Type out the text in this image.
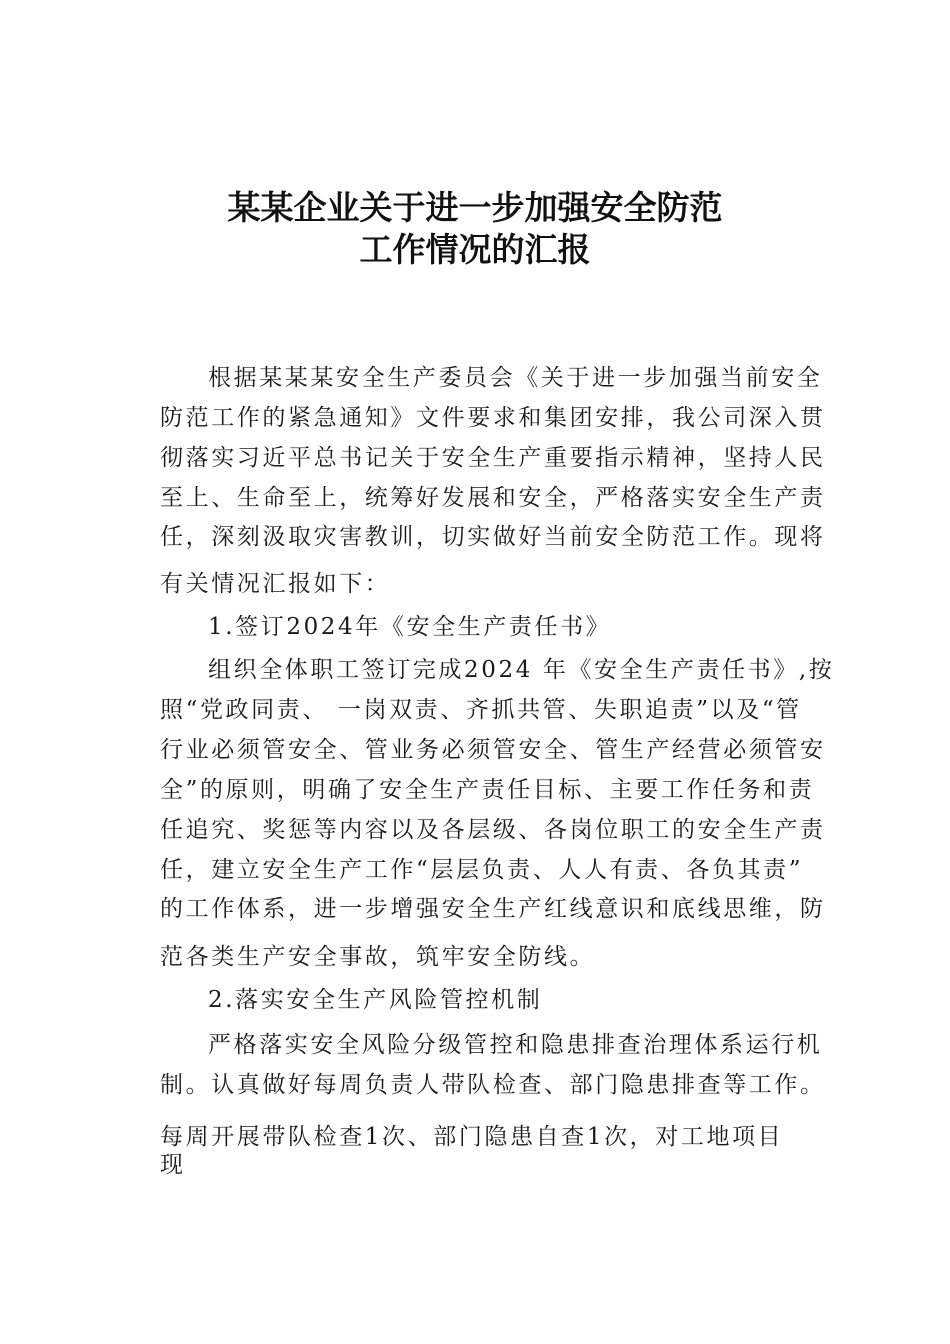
某某企业关于进一步加强安全防范
工作情况的汇报
根据某某某安全生产委员会《关于进一步加强当前安全
防范工作的紧急通知》文件要求和集团安排，我公司深入贯
彻落实习近平总书记关于安全生产重要指示精神，坚持人民
至上、生命至上，统筹好发展和安全，严格落实安全生产责
任，深刻汲取灾害教训，切实做好当前安全防范工作。现将
有关情况汇报如下：
1.签订2024年《安全生产责任书》
组织全体职工签订完成2024 年《安全生产责任书》,按
照“党政同责、 一岗双责、齐抓共管、失职追责”以及“管
行业必须管安全、管业务必须管安全、管生产经营必须管安
全”的原则，明确了安全生产责任目标、主要工作任务和责
任追究、奖惩等内容以及各层级、各岗位职工的安全生产责
任，建立安全生产工作“层层负责、人人有责、各负其责”
的工作体系，进一步增强安全生产红线意识和底线思维，防
范各类生产安全事故，筑牢安全防线。
2.落实安全生产风险管控机制
严格落实安全风险分级管控和隐患排查治理体系运行机
制。认真做好每周负责人带队检查、部门隐患排查等工作。
每周开展带队检查1次、部门隐患自查1次，对工地项目
现
